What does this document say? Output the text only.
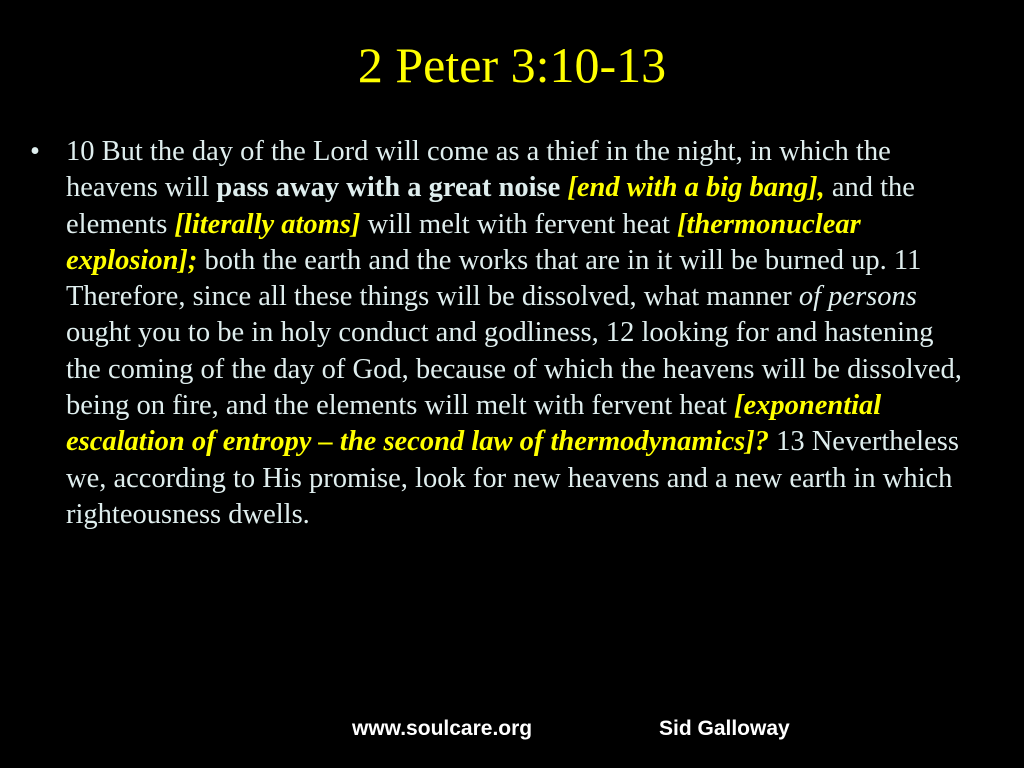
2 Peter 3:10-13
• 10 But the day of the Lord will come as a thief in the night, in which the heavens will pass away with a great noise [end with a big bang], and the elements [literally atoms] will melt with fervent heat [thermonuclear explosion]; both the earth and the works that are in it will be burned up. 11 Therefore, since all these things will be dissolved, what manner of persons ought you to be in holy conduct and godliness, 12 looking for and hastening the coming of the day of God, because of which the heavens will be dissolved, being on fire, and the elements will melt with fervent heat [exponential escalation of entropy – the second law of thermodynamics]? 13 Nevertheless we, according to His promise, look for new heavens and a new earth in which righteousness dwells.
www.soulcare.org	Sid Galloway
